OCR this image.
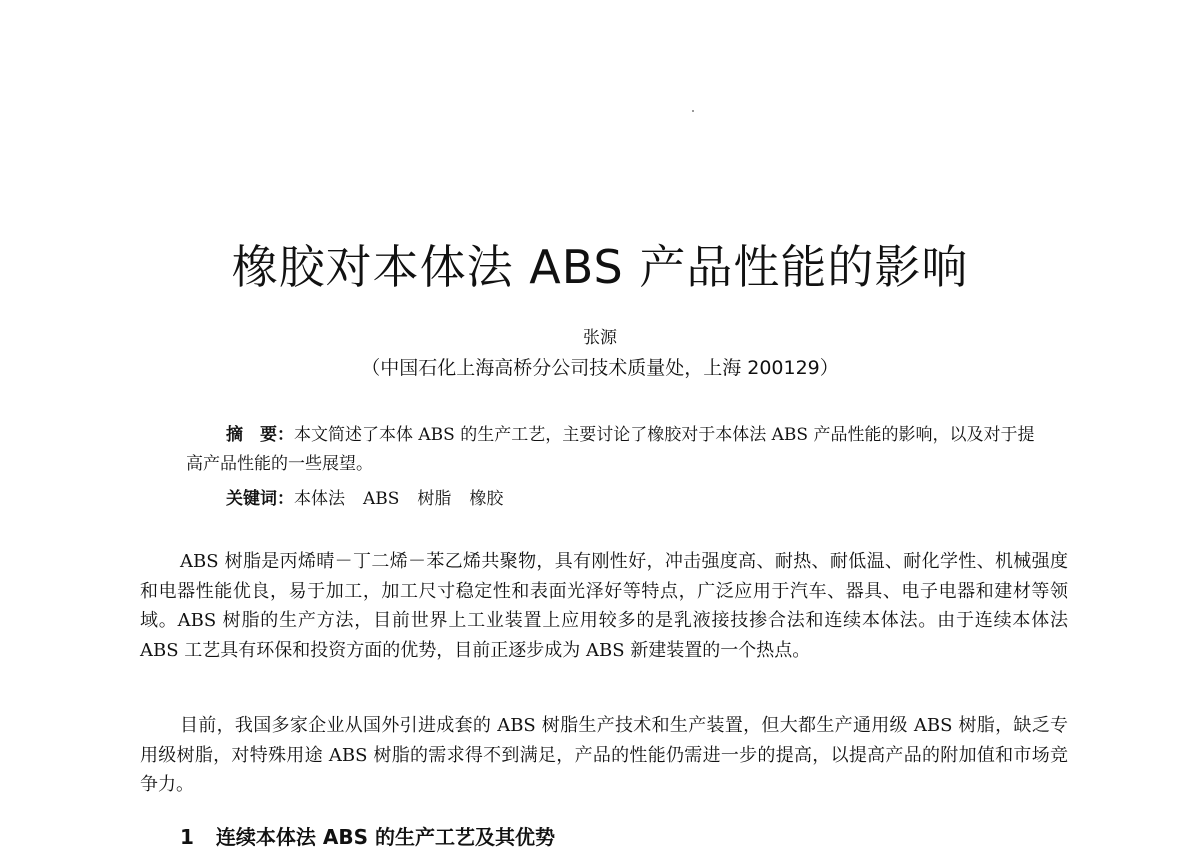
橡胶对本体法 ABS 产品性能的影响
张源
（中国石化上海高桥分公司技术质量处，上海 200129）

摘　要：本文简述了本体 ABS 的生产工艺，主要讨论了橡胶对于本体法 ABS 产品性能的影响，以及对于提高产品性能的一些展望。

关键词：本体法 ABS 树脂 橡胶

ABS 树脂是丙烯晴－丁二烯－苯乙烯共聚物，具有刚性好，冲击强度高、耐热、耐低温、耐化学性、机械强度和电器性能优良，易于加工，加工尺寸稳定性和表面光泽好等特点，广泛应用于汽车、器具、电子电器和建材等领域。ABS 树脂的生产方法，目前世界上工业装置上应用较多的是乳液接技掺合法和连续本体法。由于连续本体法 ABS 工艺具有环保和投资方面的优势，目前正逐步成为 ABS 新建装置的一个热点。

目前，我国多家企业从国外引进成套的 ABS 树脂生产技术和生产装置，但大都生产通用级 ABS 树脂，缺乏专用级树脂，对特殊用途 ABS 树脂的需求得不到满足，产品的性能仍需进一步的提高，以提高产品的附加值和市场竞争力。

1 连续本体法 ABS 的生产工艺及其优势
